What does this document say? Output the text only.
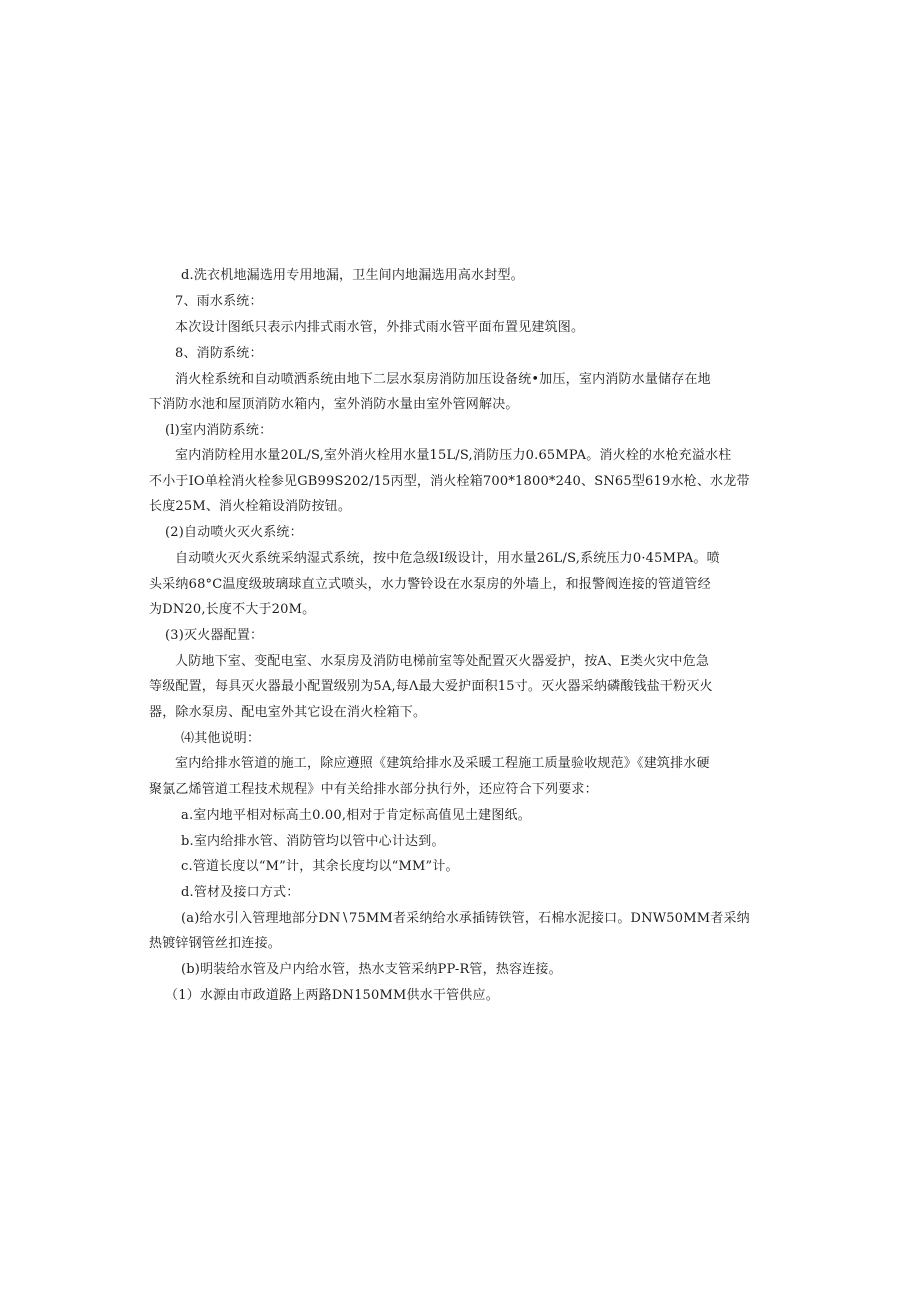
d.洗衣机地漏选用专用地漏，卫生间内地漏选用高水封型。
7、雨水系统：
本次设计图纸只表示内排式雨水管，外排式雨水管平面布置见建筑图。
8、消防系统：
消火栓系统和自动喷洒系统由地下二层水泵房消防加压设备统•加压，室内消防水量储存在地
下消防水池和屋顶消防水箱内，室外消防水量由室外管网解决。
(l)室内消防系统：
室内消防栓用水量20L/S,室外消火栓用水量15L/S,消防压力0.65MPA。消火栓的水枪充溢水柱
不小于IO单栓消火栓参见GB99S202/15丙型，消火栓箱700*1800*240、SN65型619水枪、水龙带
长度25M、消火栓箱设消防按钮。
(2)自动喷火灭火系统：
自动喷火灭火系统采纳湿式系统，按中危急级I级设计，用水量26L/S,系统压力0·45MPA。喷
头采纳68°C温度级玻璃球直立式喷头，水力警铃设在水泵房的外墙上，和报警阀连接的管道管经
为DN20,长度不大于20M。
(3)灭火器配置：
人防地下室、变配电室、水泵房及消防电梯前室等处配置灭火器爱护，按A、E类火灾中危急
等级配置，每具灭火器最小配置级别为5A,每Λ最大爱护面积15寸。灭火器采纳磷酸钱盐干粉灭火
器，除水泵房、配电室外其它设在消火栓箱下。
⑷其他说明：
室内给排水管道的施工，除应遵照《建筑给排水及采暖工程施工质量验收规范》《建筑排水硬
聚氯乙烯管道工程技术规程》中有关给排水部分执行外，还应符合下列要求：
a.室内地平相对标高土0.00,相对于肯定标高值见土建图纸。
b.室内给排水管、消防管均以管中心计达到。
c.管道长度以“M”计，其余长度均以“MM”计。
d.管材及接口方式：
(a)给水引入管理地部分DN∖75MM者采纳给水承插铸铁管，石棉水泥接口。DNW50MM者采纳
热镀锌钢管丝扣连接。
(b)明装给水管及户内给水管，热水支管采纳PP-R管，热容连接。
（1）水源由市政道路上两路DN150MM供水干管供应。
